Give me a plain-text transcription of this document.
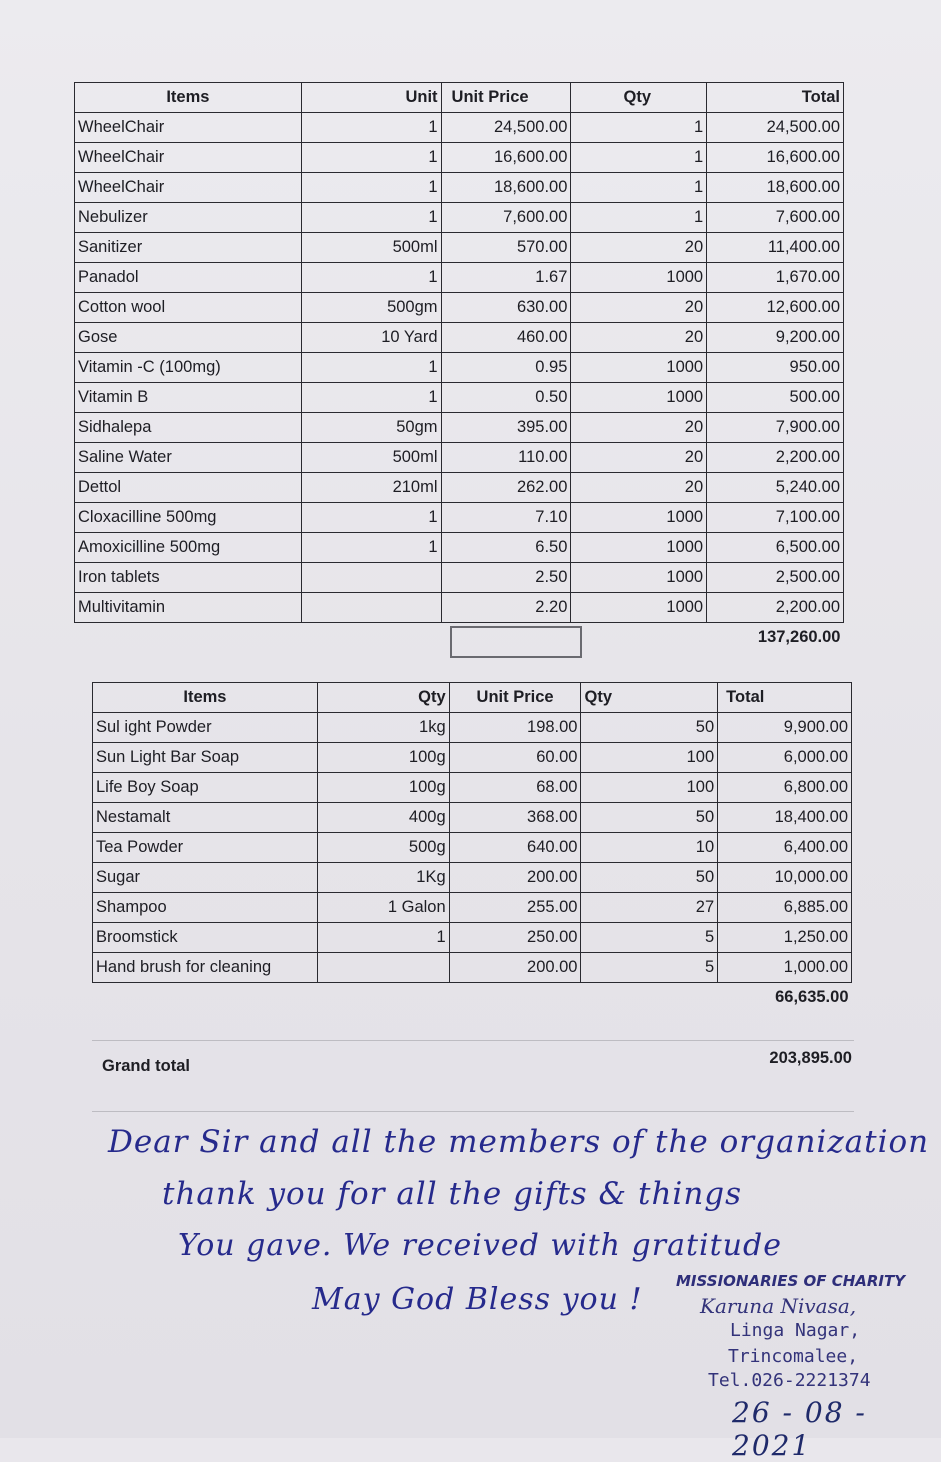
Items	Unit	Unit Price	Qty	Total
WheelChair	1	24,500.00	1	24,500.00
WheelChair	1	16,600.00	1	16,600.00
WheelChair	1	18,600.00	1	18,600.00
Nebulizer	1	7,600.00	1	7,600.00
Sanitizer	500ml	570.00	20	11,400.00
Panadol	1	1.67	1000	1,670.00
Cotton wool	500gm	630.00	20	12,600.00
Gose	10 Yard	460.00	20	9,200.00
Vitamin -C (100mg)	1	0.95	1000	950.00
Vitamin B	1	0.50	1000	500.00
Sidhalepa	50gm	395.00	20	7,900.00
Saline Water	500ml	110.00	20	2,200.00
Dettol	210ml	262.00	20	5,240.00
Cloxacilline 500mg	1	7.10	1000	7,100.00
Amoxicilline 500mg	1	6.50	1000	6,500.00
Iron tablets		2.50	1000	2,500.00
Multivitamin		2.20	1000	2,200.00
				137,260.00
Items	Qty	Unit Price	Qty	Total
Sul ight Powder	1kg	198.00	50	9,900.00
Sun Light Bar Soap	100g	60.00	100	6,000.00
Life Boy Soap	100g	68.00	100	6,800.00
Nestamalt	400g	368.00	50	18,400.00
Tea Powder	500g	640.00	10	6,400.00
Sugar	1Kg	200.00	50	10,000.00
Shampoo	1 Galon	255.00	27	6,885.00
Broomstick	1	250.00	5	1,250.00
Hand brush for cleaning		200.00	5	1,000.00
				66,635.00
Grand total	203,895.00
Dear Sir and all the members of the organization
thank you for all the gifts & things
You gave. We received with gratitude
May God Bless you !
MISSIONARIES OF CHARITY
Karuna Nivasa,
Linga Nagar,
Trincomalee,
Tel.026-2221374
26 - 08 - 2021
